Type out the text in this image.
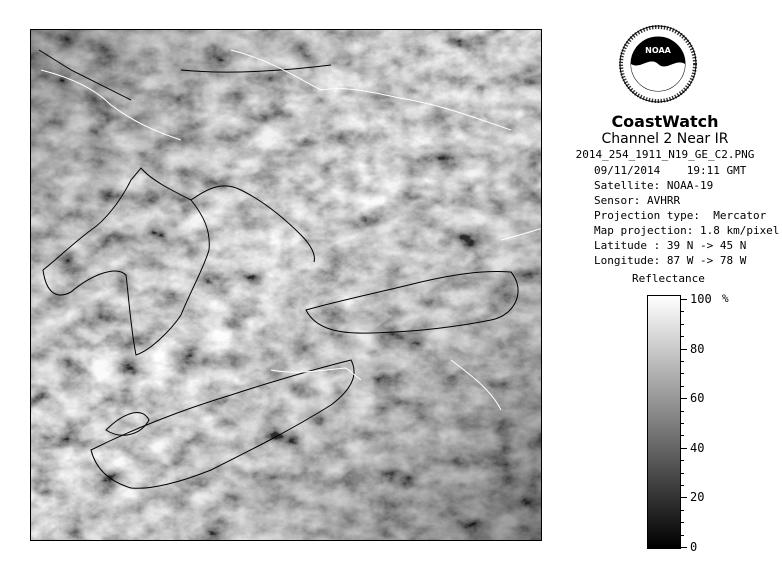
NOAA
CoastWatch
Channel 2 Near IR
2014_254_1911_N19_GE_C2.PNG
09/11/2014    19:11 GMT
Satellite: NOAA-19
Sensor: AVHRR
Projection type:  Mercator
Map projection: 1.8 km/pixel
Latitude : 39 N -> 45 N
Longitude: 87 W -> 78 W
Reflectance
%
100
80
60
40
20
0
